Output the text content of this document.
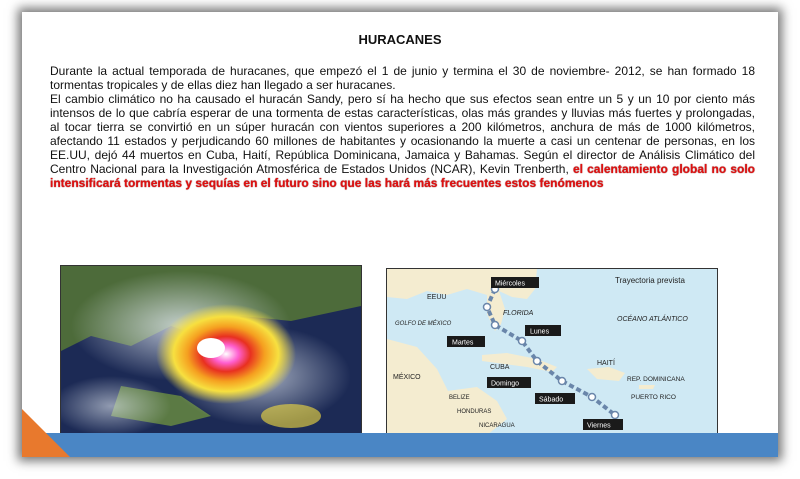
HURACANES

Durante la actual temporada de huracanes, que empezó el 1 de junio y termina el 30 de noviembre- 2012, se han formado 18 tormentas tropicales y de ellas diez han llegado a ser huracanes.

El cambio climático no ha causado el huracán Sandy, pero sí ha hecho que sus efectos sean entre un 5 y un 10 por ciento más intensos de lo que cabría esperar de una tormenta de estas características, olas más grandes y lluvias más fuertes y prolongadas, al tocar tierra se convirtió en un súper huracán con vientos superiores a 200 kilómetros, anchura de más de 1000 kilómetros, afectando 11 estados y perjudicando 60 millones de habitantes y ocasionando la muerte a casi un centenar de personas, en los EE.UU, dejó 44 muertos en Cuba, Haití, República Dominicana, Jamaica y Bahamas. Según el director de Análisis Climático del Centro Nacional para la Investigación Atmosférica de Estados Unidos (NCAR), Kevin Trenberth, el calentamiento global no solo intensificará tormentas y sequías en el futuro sino que las hará más frecuentes estos fenómenos

EEUU
FLORIDA
GOLFO DE MÉXICO
OCÉANO ATLÁNTICO
MÉXICO
CUBA
HAITÍ
REP. DOMINICANA
PUERTO RICO
BELIZE
HONDURAS
NICARAGUA
Trayectoria prevista
Miércoles
Lunes
Martes
Domingo
Sábado
Viernes
